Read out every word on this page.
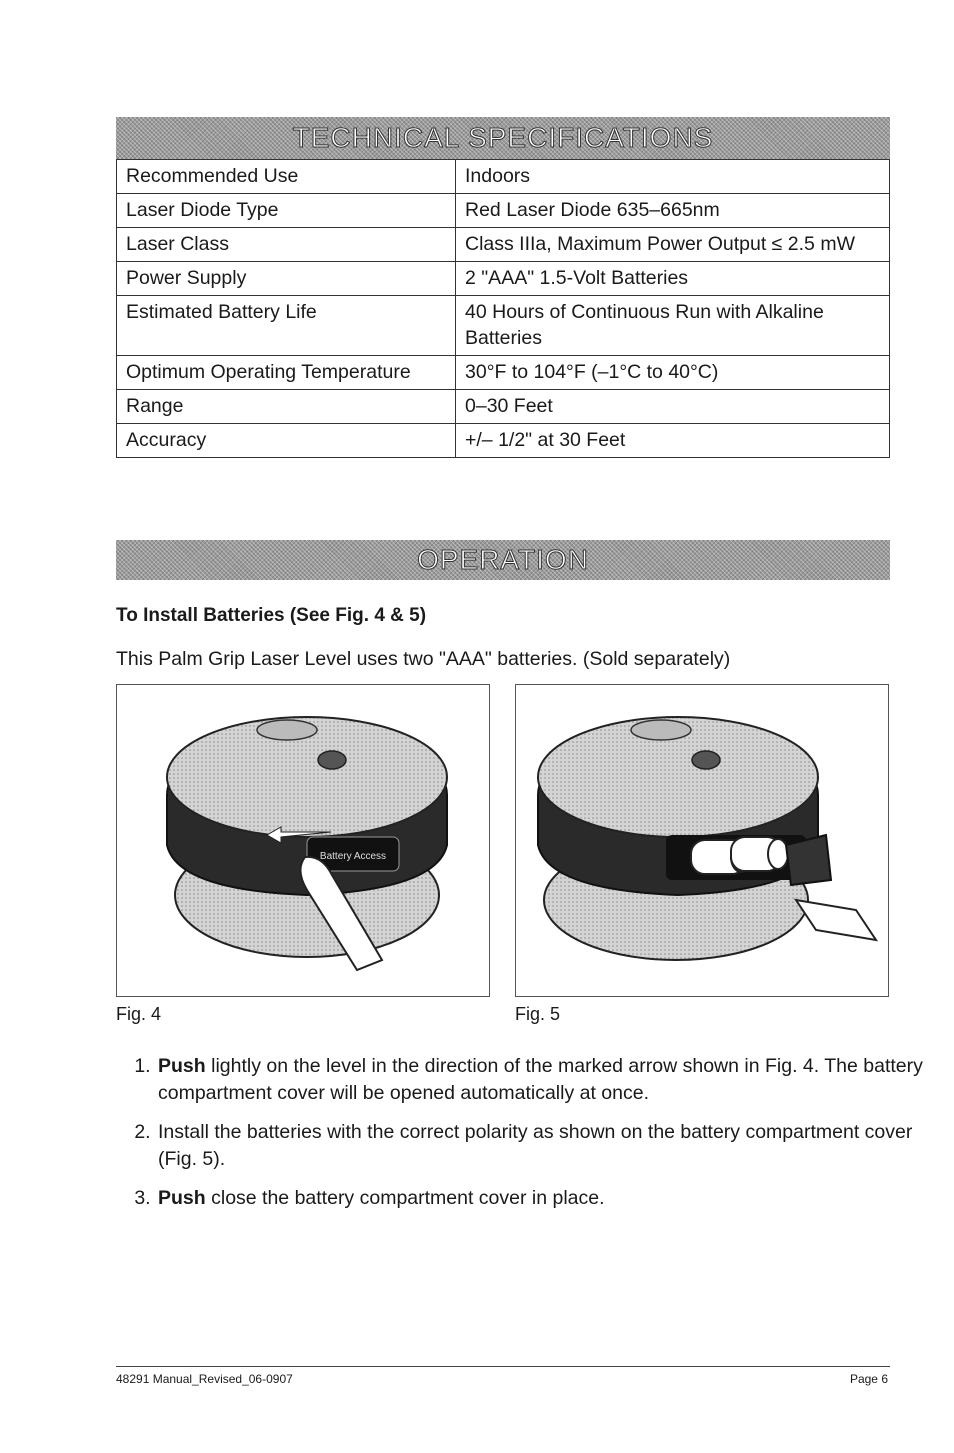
TECHNICAL SPECIFICATIONS
Recommended Use	Indoors
Laser Diode Type	Red Laser Diode 635–665nm
Laser Class	Class IIIa, Maximum Power Output ≤ 2.5 mW
Power Supply	2 "AAA" 1.5-Volt Batteries
Estimated Battery Life	40 Hours of Continuous Run with Alkaline Batteries
Optimum Operating Temperature	30°F to 104°F (–1°C to 40°C)
Range	0–30 Feet
Accuracy	+/– 1/2" at 30 Feet
OPERATION
To Install Batteries (See Fig. 4 & 5)
This Palm Grip Laser Level uses two "AAA" batteries. (Sold separately)
Battery Access
Fig. 4	Fig. 5
1. Push lightly on the level in the direction of the marked arrow shown in Fig. 4. The battery compartment cover will be opened automatically at once.
2. Install the batteries with the correct polarity as shown on the battery compartment cover (Fig. 5).
3. Push close the battery compartment cover in place.
48291 Manual_Revised_06-0907	Page 6
